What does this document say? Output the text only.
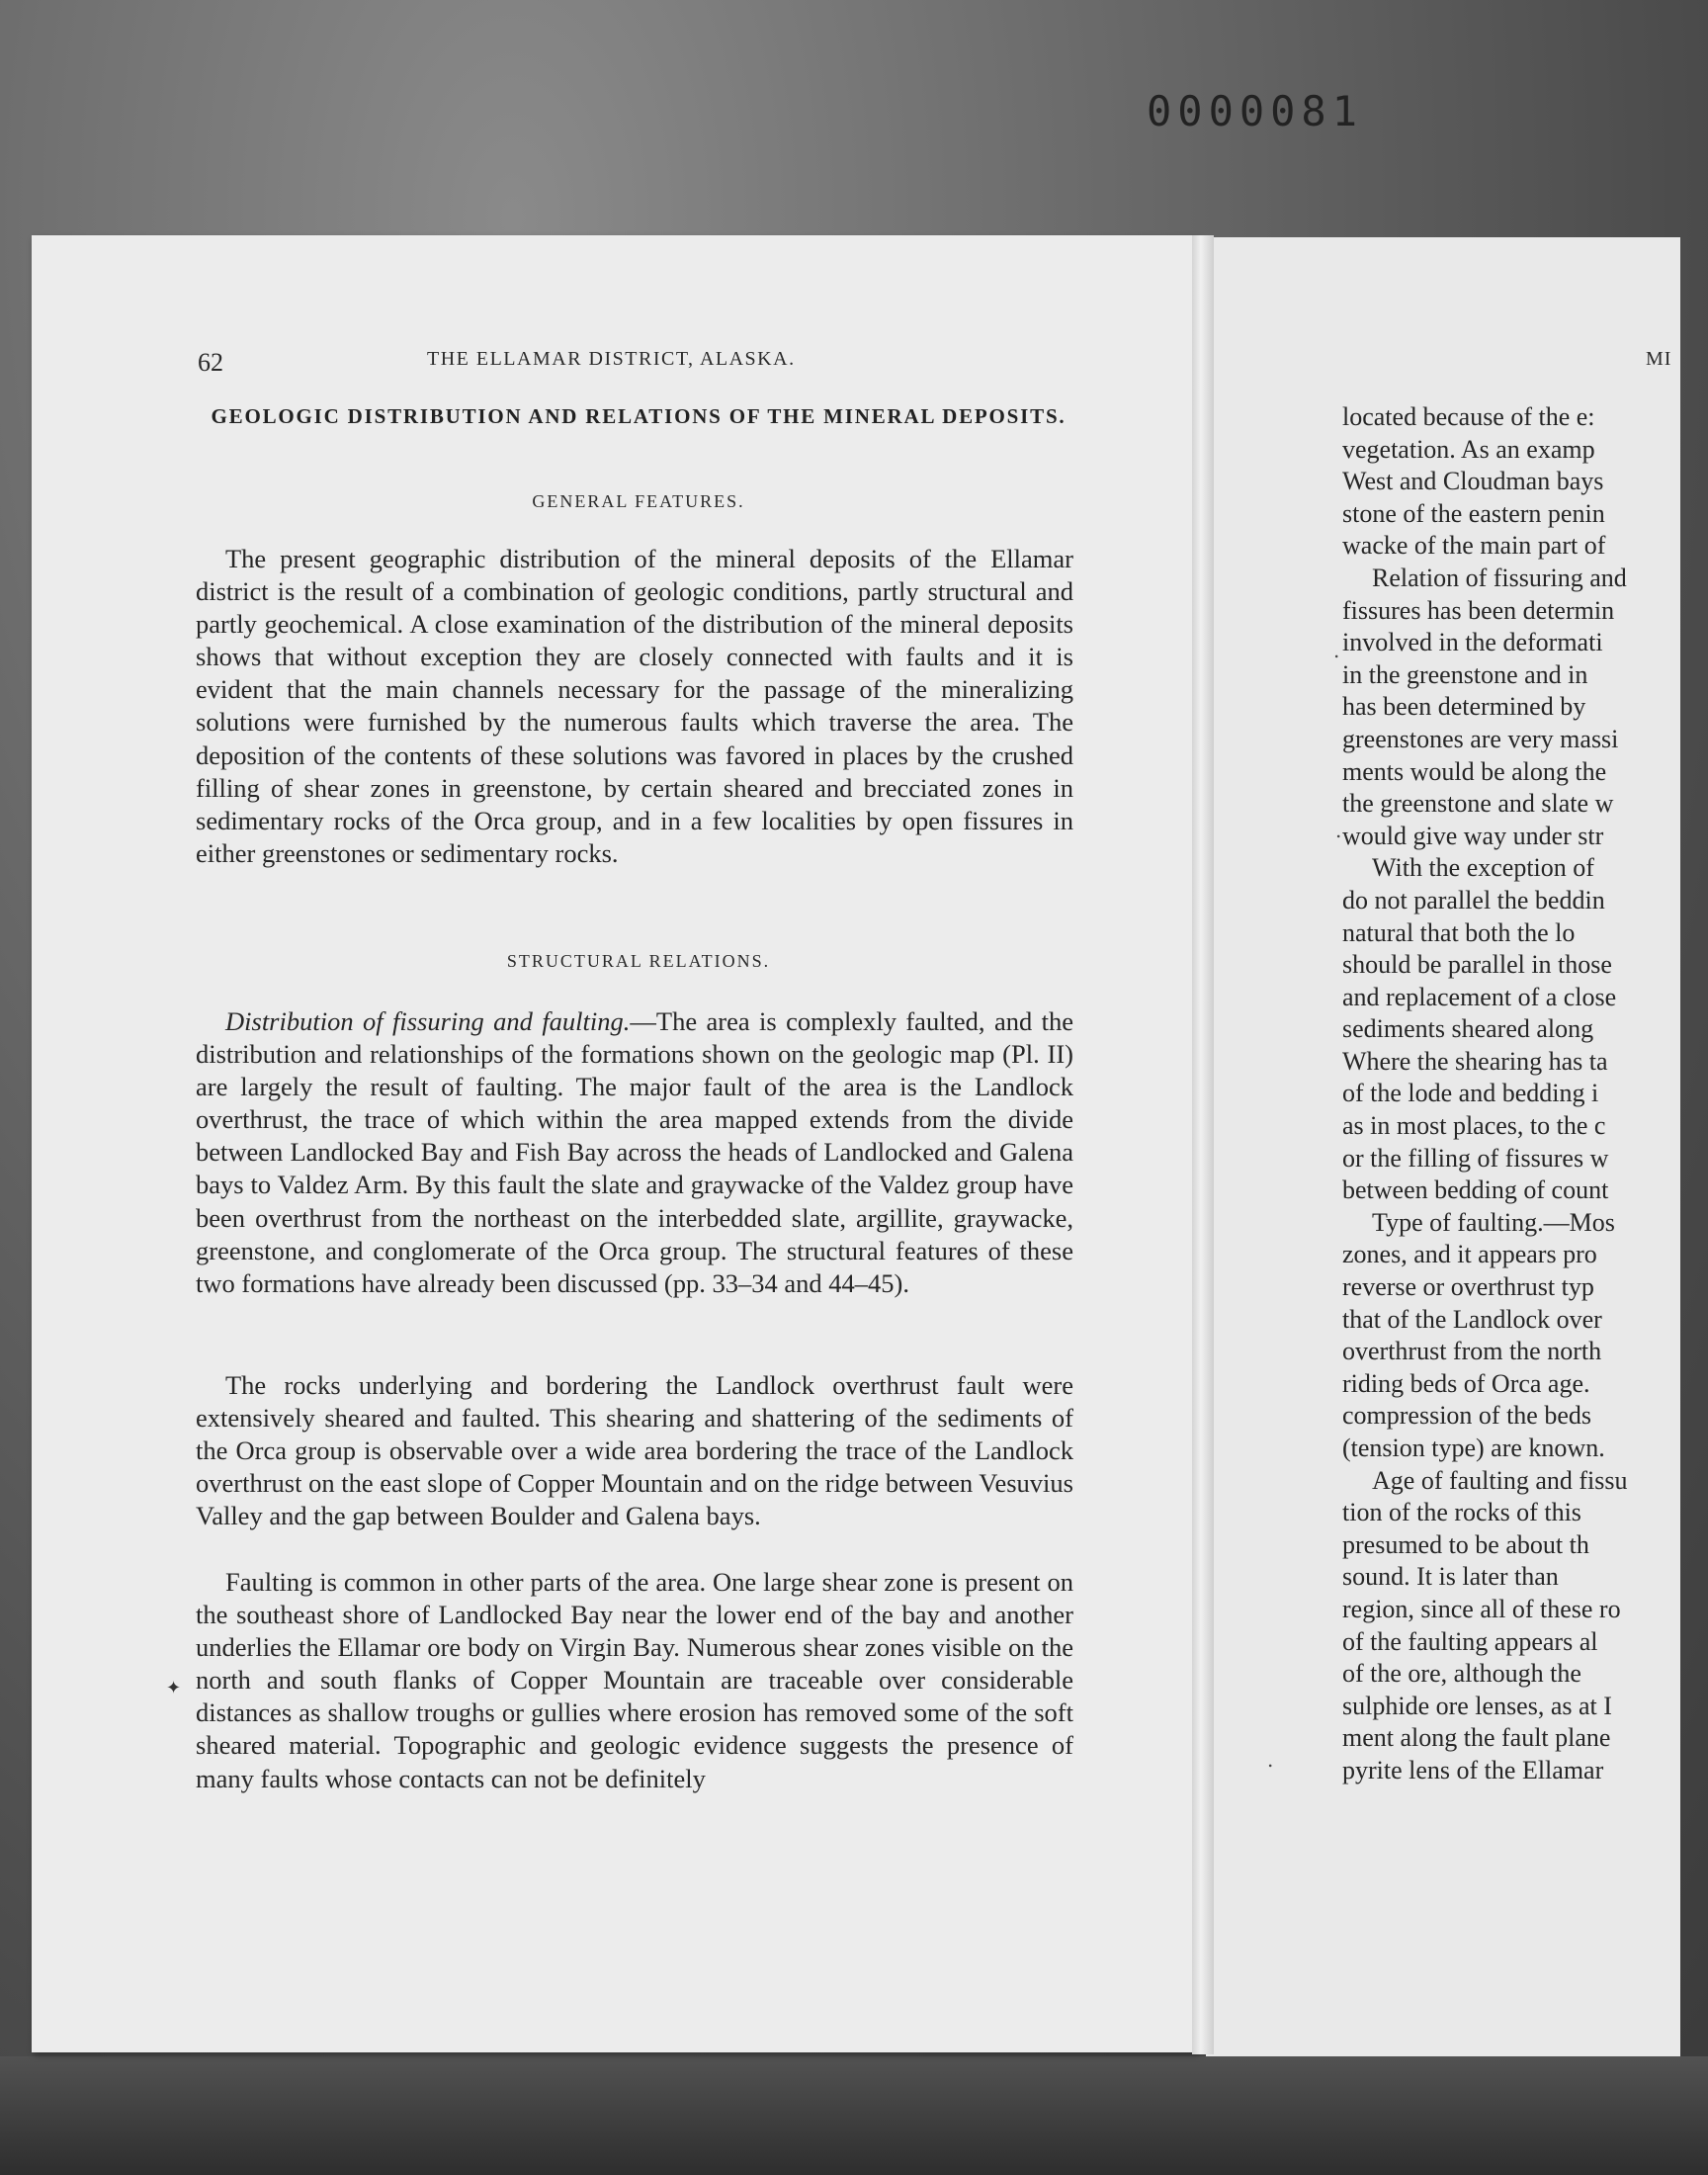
0000081
62	THE ELLAMAR DISTRICT, ALASKA.	MI
GEOLOGIC DISTRIBUTION AND RELATIONS OF THE MINERAL DEPOSITS.
GENERAL FEATURES.

The present geographic distribution of the mineral deposits of the Ellamar district is the result of a combination of geologic conditions, partly structural and partly geochemical. A close examination of the distribution of the mineral deposits shows that without exception they are closely connected with faults and it is evident that the main channels necessary for the passage of the mineralizing solutions were furnished by the numerous faults which traverse the area. The deposition of the contents of these solutions was favored in places by the crushed filling of shear zones in greenstone, by certain sheared and brecciated zones in sedimentary rocks of the Orca group, and in a few localities by open fissures in either greenstones or sedimentary rocks.

STRUCTURAL RELATIONS.

Distribution of fissuring and faulting.—The area is complexly faulted, and the distribution and relationships of the formations shown on the geologic map (Pl. II) are largely the result of faulting. The major fault of the area is the Landlock overthrust, the trace of which within the area mapped extends from the divide between Landlocked Bay and Fish Bay across the heads of Landlocked and Galena bays to Valdez Arm. By this fault the slate and graywacke of the Valdez group have been overthrust from the northeast on the interbedded slate, argillite, graywacke, greenstone, and conglomerate of the Orca group. The structural features of these two formations have already been discussed (pp. 33–34 and 44–45).

The rocks underlying and bordering the Landlock overthrust fault were extensively sheared and faulted. This shearing and shattering of the sediments of the Orca group is observable over a wide area bordering the trace of the Landlock overthrust on the east slope of Copper Mountain and on the ridge between Vesuvius Valley and the gap between Boulder and Galena bays.

Faulting is common in other parts of the area. One large shear zone is present on the southeast shore of Landlocked Bay near the lower end of the bay and another underlies the Ellamar ore body on Virgin Bay. Numerous shear zones visible on the north and south flanks of Copper Mountain are traceable over considerable distances as shallow troughs or gullies where erosion has removed some of the soft sheared material. Topographic and geologic evidence suggests the presence of many faults whose contacts can not be definitely

✦
.
.
.
located because of the e:
vegetation. As an examp
West and Cloudman bays
stone of the eastern penin
wacke of the main part of
Relation of fissuring and
fissures has been determin
involved in the deformati
in the greenstone and in
has been determined by
greenstones are very massi
ments would be along the
the greenstone and slate w
would give way under str
With the exception of
do not parallel the beddin
natural that both the lo
should be parallel in those
and replacement of a close
sediments sheared along
Where the shearing has ta
of the lode and bedding i
as in most places, to the c
or the filling of fissures w
between bedding of count
Type of faulting.—Mos
zones, and it appears pro
reverse or overthrust typ
that of the Landlock over
overthrust from the north
riding beds of Orca age.
compression of the beds
(tension type) are known.
Age of faulting and fissu
tion of the rocks of this
presumed to be about th
sound. It is later than
region, since all of these ro
of the faulting appears al
of the ore, although the
sulphide ore lenses, as at I
ment along the fault plane
pyrite lens of the Ellamar
